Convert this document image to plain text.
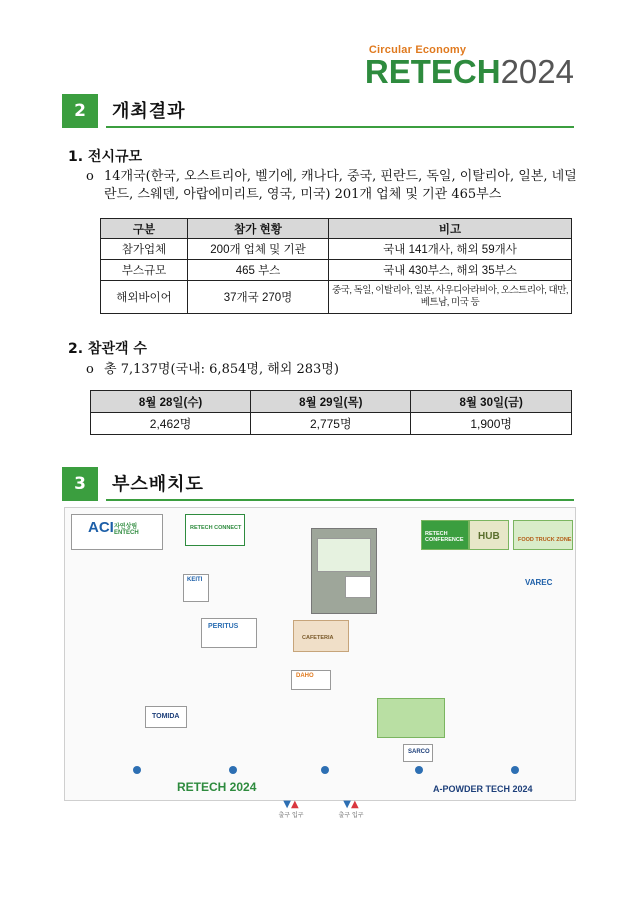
Circular Economy
RETECH2024
2	개최결과
1. 전시규모
o 14개국(한국, 오스트리아, 벨기에, 캐나다, 중국, 핀란드, 독일, 이탈리아, 일본, 네덜란드, 스웨덴, 아랍에미리트, 영국, 미국) 201개 업체 및 기관 465부스
구분	참가 현황	비고
참가업체	200개 업체 및 기관	국내 141개사, 해외 59개사
부스규모	465 부스	국내 430부스, 해외 35부스
해외바이어	37개국 270명	중국, 독일, 이탈리아, 일본, 사우디아라비아, 오스트리아, 대만, 베트남, 미국 등
2. 참관객 수
o 총 7,137명(국내: 6,854명, 해외 283명)
8월 28일(수)	8월 29일(목)	8월 30일(금)
2,462명	2,775명	1,900명
3	부스배치도
ACI 자연상림 ENTECH
RETECH CONNECT
RETECH CONFERENCE	HUB	FOOD TRUCK ZONE
KEITI	VAREC
PERITUS
CAFETERIA
TOMIDA
DAHO
SARCO
RETECH 2024	A-POWDER TECH 2024
▼▲
출구 입구
▼▲
출구 입구
